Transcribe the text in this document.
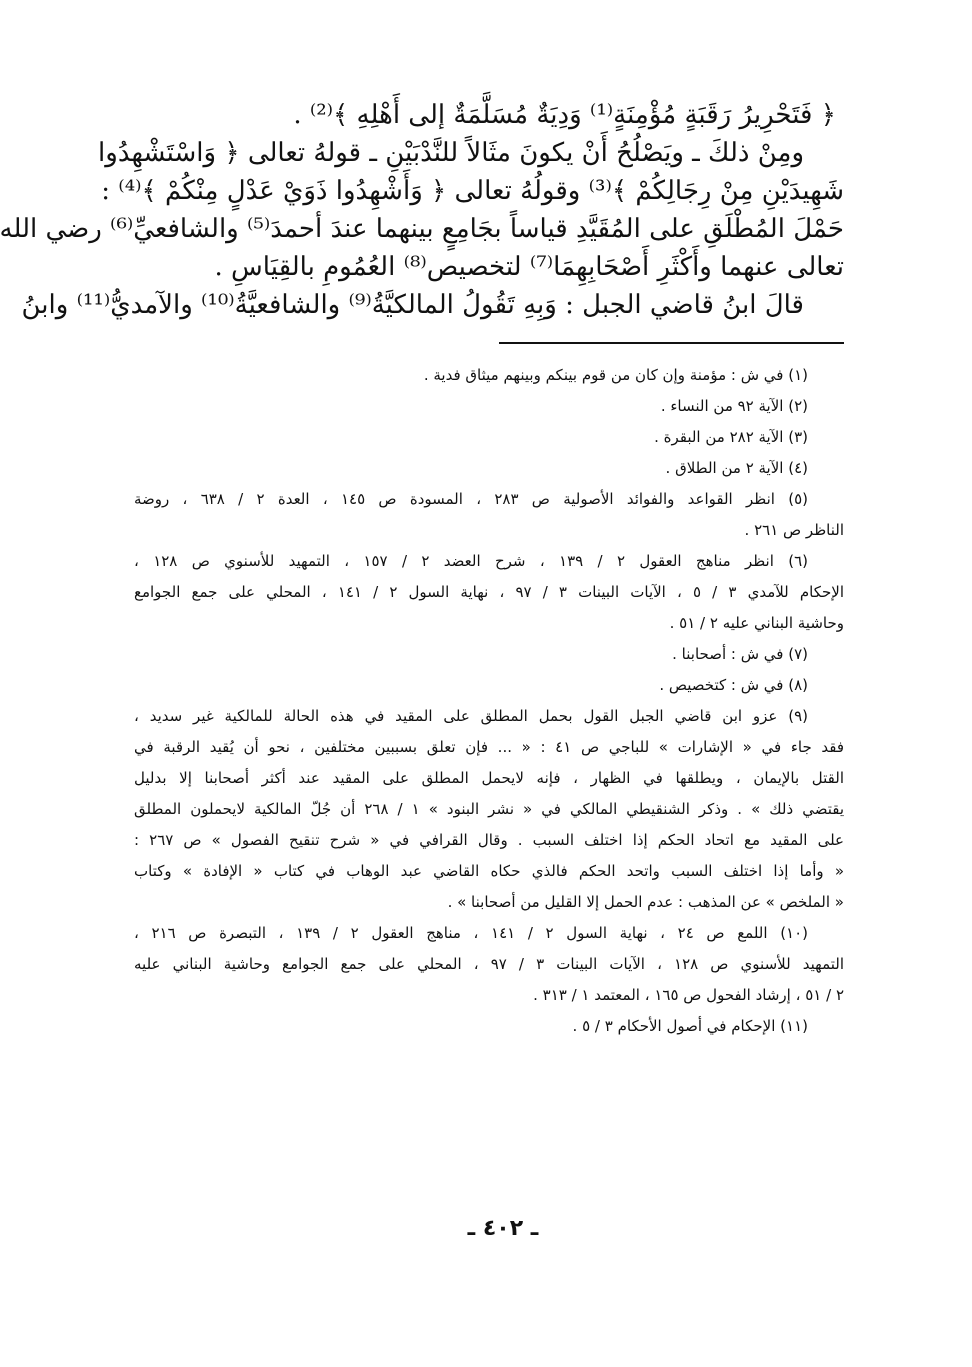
﴿ فَتَحْرِيرُ رَقَبَةٍ مُؤْمِنَةٍ⁽¹⁾ وَدِيَةٌ مُسَلَّمَةٌ إلى أَهْلِهِ ﴾⁽²⁾ .
ومِنْ ذلكَ ـ ويَصْلُحُ أَنْ يكونَ مثَالاً للنَّدْبَيْنِ ـ قولهُ تعالى ﴿ وَاسْتَشْهِدُوا
شَهِيدَيْنِ مِنْ رِجَالِكُمْ ﴾⁽³⁾ وقولُهُ تعالى ﴿ وَأَشْهِدُوا ذَوَيْ عَدْلٍ مِنْكُمْ ﴾⁽⁴⁾ :
حَمْلَ المُطْلَقِ على المُقَيَّدِ قياساً بجَامِعٍ بينهما عندَ أحمدَ⁽⁵⁾ والشافعيِّ⁽⁶⁾ رضي الله
تعالى عنهما وأَكْثَرِ أَصْحَابِهِمَا⁽⁷⁾ لتخصيص⁽⁸⁾ العُمُومِ بالقِيَاسِ .
قالَ ابنُ قاضي الجبل : وَبِهِ تَقُولُ المالكيَّةُ⁽⁹⁾ والشافعيَّةُ⁽¹⁰⁾ والآمديُّ⁽¹¹⁾ وابنُ
(١) في ش : مؤمنة وإن كان من قوم بينكم وبينهم ميثاق فدية .
(٢) الآية ٩٢ من النساء .
(٣) الآية ٢٨٢ من البقرة .
(٤) الآية ٢ من الطلاق .
(٥) انظر القواعد والفوائد الأصولية ص ٢٨٣ ، المسودة ص ١٤٥ ، العدة ٢ / ٦٣٨ ، روضة
الناظر ص ٢٦١ .
(٦) انظر مناهج العقول ٢ / ١٣٩ ، شرح العضد ٢ / ١٥٧ ، التمهيد للأسنوي ص ١٢٨ ،
الإحكام للآمدي ٣ / ٥ ، الآيات البينات ٣ / ٩٧ ، نهاية السول ٢ / ١٤١ ، المحلي على جمع الجوامع
وحاشية البناني عليه ٢ / ٥١ .
(٧) في ش : أصحابنا .
(٨) في ش : كتخصيص .
(٩) عزو ابن قاضي الجبل القول بحمل المطلق على المقيد في هذه الحالة للمالكية غير سديد ،
فقد جاء في « الإشارات » للباجي ص ٤١ : « ... فإن تعلق بسببين مختلفين ، نحو أن يُقيد الرقبة في
القتل بالإيمان ، ويطلقها في الظهار ، فإنه لايحمل المطلق على المقيد عند أكثر أصحابنا إلا بدليل
يقتضي ذلك » . وذكر الشنقيطي المالكي في « نشر البنود » ١ / ٢٦٨ أن جُلّ المالكية لايحملون المطلق
على المقيد مع اتحاد الحكم إذا اختلف السبب . وقال القرافي في « شرح تنقيح الفصول » ص ٢٦٧ :
« وأما إذا اختلف السبب واتحد الحكم فالذي حكاه القاضي عبد الوهاب في كتاب « الإفادة » وكتاب
« الملخص » عن المذهب : عدم الحمل إلا القليل من أصحابنا » .
(١٠) اللمع ص ٢٤ ، نهاية السول ٢ / ١٤١ ، مناهج العقول ٢ / ١٣٩ ، التبصرة ص ٢١٦ ،
التمهيد للأسنوي ص ١٢٨ ، الآيات البينات ٣ / ٩٧ ، المحلي على جمع الجوامع وحاشية البناني عليه
٢ / ٥١ ، إرشاد الفحول ص ١٦٥ ، المعتمد ١ / ٣١٣ .
(١١) الإحكام في أصول الأحكام ٣ / ٥ .
ـ ٤٠٢ ـ
